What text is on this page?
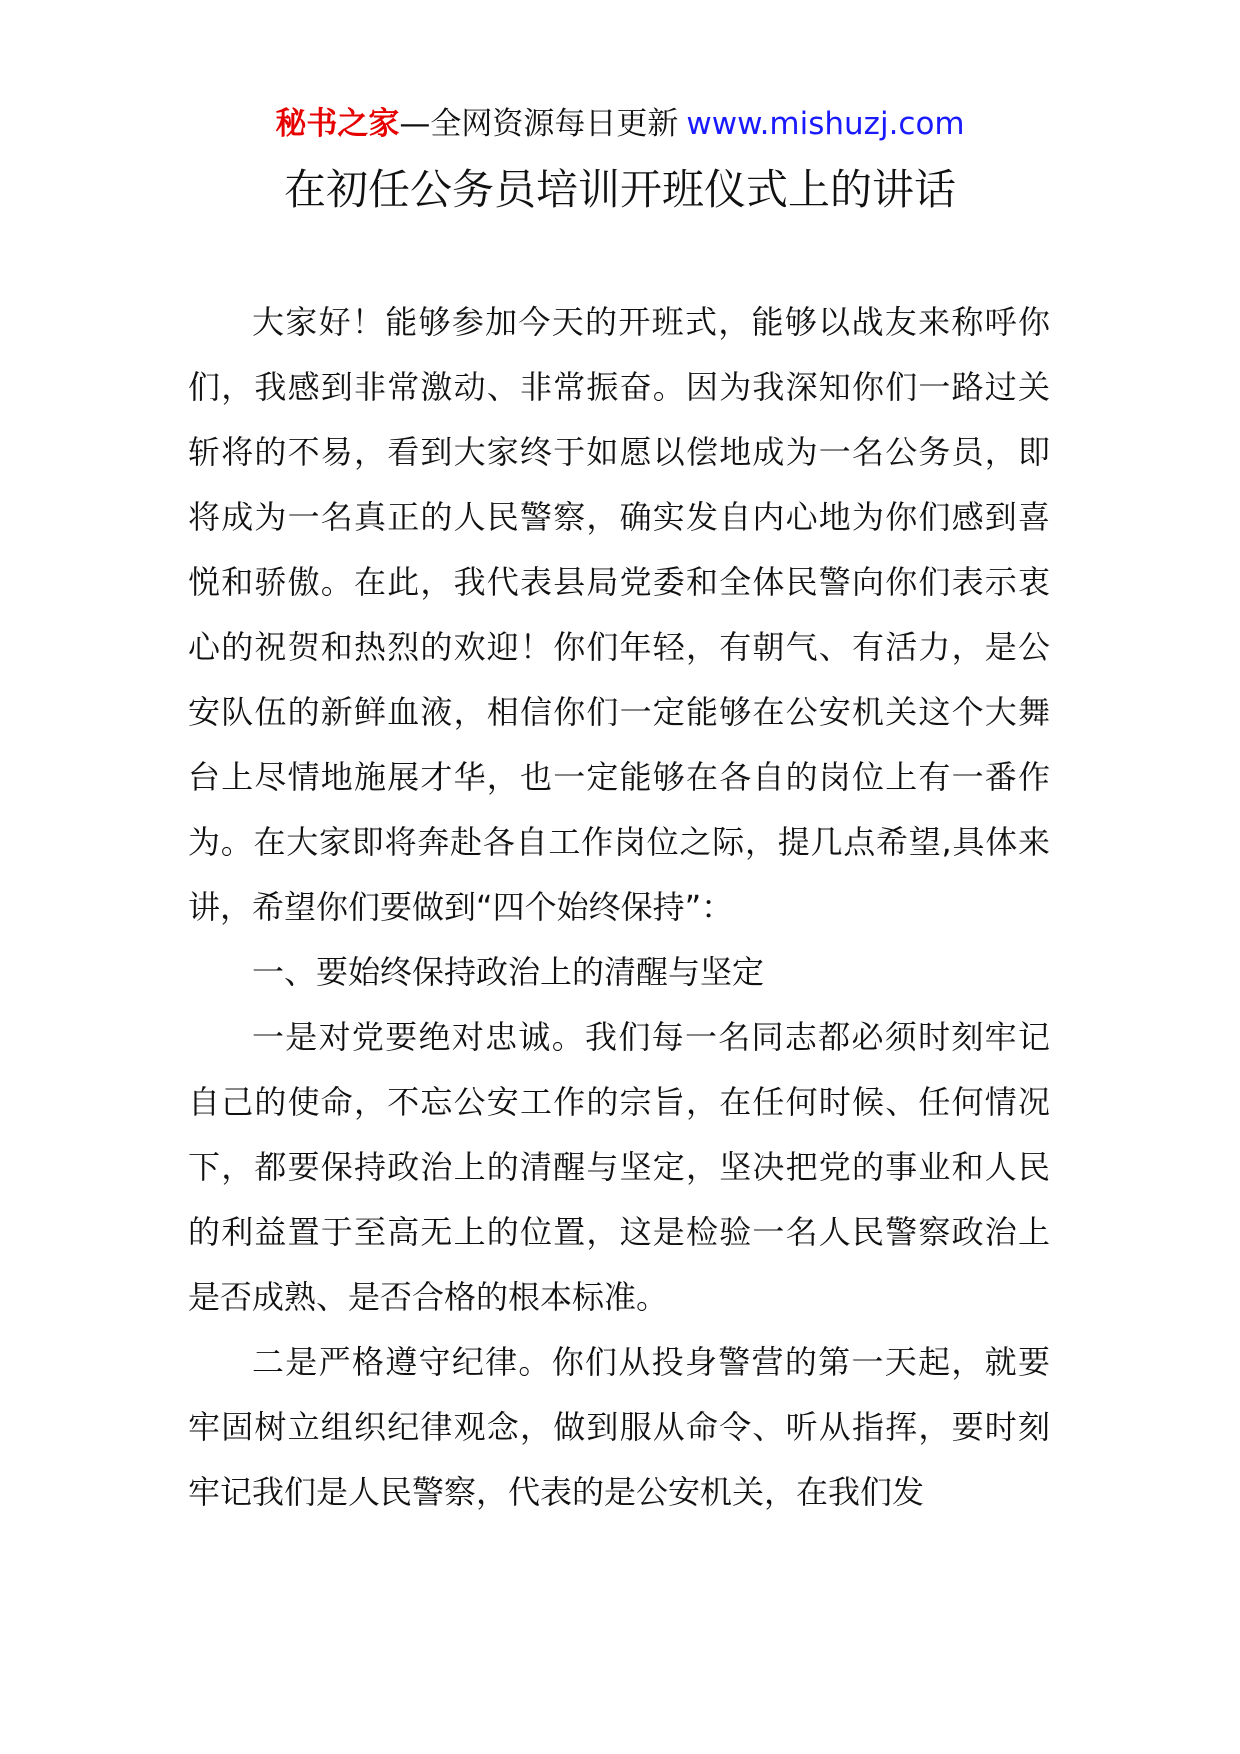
秘书之家—全网资源每日更新 www.mishuzj.com
在初任公务员培训开班仪式上的讲话

大家好！能够参加今天的开班式，能够以战友来称呼你们，我感到非常激动、非常振奋。因为我深知你们一路过关斩将的不易，看到大家终于如愿以偿地成为一名公务员，即将成为一名真正的人民警察，确实发自内心地为你们感到喜悦和骄傲。在此，我代表县局党委和全体民警向你们表示衷心的祝贺和热烈的欢迎！你们年轻，有朝气、有活力，是公安队伍的新鲜血液，相信你们一定能够在公安机关这个大舞台上尽情地施展才华，也一定能够在各自的岗位上有一番作为。在大家即将奔赴各自工作岗位之际，提几点希望,具体来讲，希望你们要做到“四个始终保持”：

一、要始终保持政治上的清醒与坚定

一是对党要绝对忠诚。我们每一名同志都必须时刻牢记自己的使命，不忘公安工作的宗旨，在任何时候、任何情况下，都要保持政治上的清醒与坚定，坚决把党的事业和人民的利益置于至高无上的位置，这是检验一名人民警察政治上是否成熟、是否合格的根本标准。

二是严格遵守纪律。你们从投身警营的第一天起，就要牢固树立组织纪律观念，做到服从命令、听从指挥，要时刻牢记我们是人民警察，代表的是公安机关，在我们发
